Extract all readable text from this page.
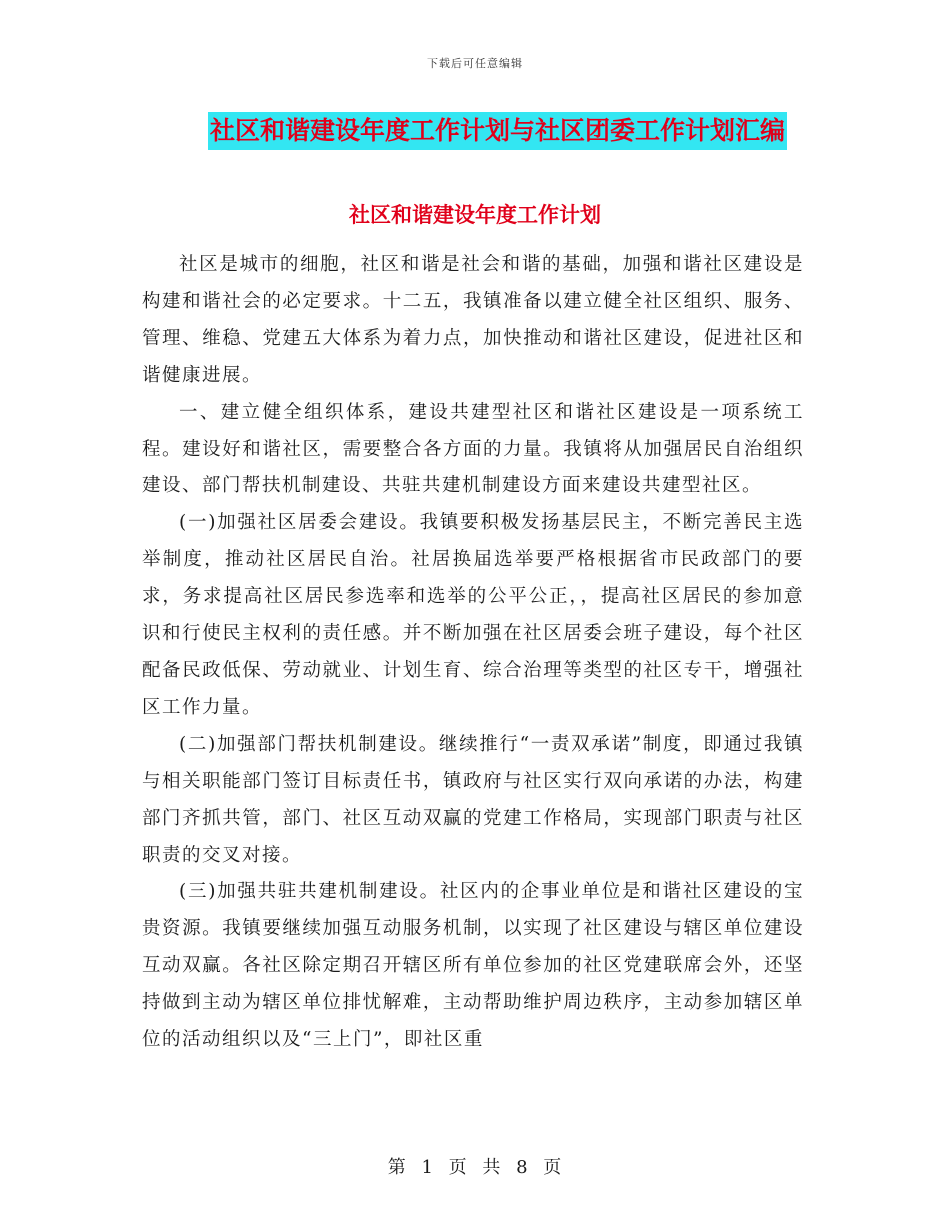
下载后可任意编辑
社区和谐建设年度工作计划与社区团委工作计划汇编
社区和谐建设年度工作计划

社区是城市的细胞，社区和谐是社会和谐的基础，加强和谐社区建设是构建和谐社会的必定要求。十二五，我镇准备以建立健全社区组织、服务、管理、维稳、党建五大体系为着力点，加快推动和谐社区建设，促进社区和谐健康进展。

一、建立健全组织体系，建设共建型社区和谐社区建设是一项系统工程。建设好和谐社区，需要整合各方面的力量。我镇将从加强居民自治组织建设、部门帮扶机制建设、共驻共建机制建设方面来建设共建型社区。

(一)加强社区居委会建设。我镇要积极发扬基层民主，不断完善民主选举制度，推动社区居民自治。社居换届选举要严格根据省市民政部门的要求，务求提高社区居民参选率和选举的公平公正，，提高社区居民的参加意识和行使民主权利的责任感。并不断加强在社区居委会班子建设，每个社区配备民政低保、劳动就业、计划生育、综合治理等类型的社区专干，增强社区工作力量。

(二)加强部门帮扶机制建设。继续推行“一责双承诺”制度，即通过我镇与相关职能部门签订目标责任书，镇政府与社区实行双向承诺的办法，构建部门齐抓共管，部门、社区互动双赢的党建工作格局，实现部门职责与社区职责的交叉对接。

(三)加强共驻共建机制建设。社区内的企事业单位是和谐社区建设的宝贵资源。我镇要继续加强互动服务机制，以实现了社区建设与辖区单位建设互动双赢。各社区除定期召开辖区所有单位参加的社区党建联席会外，还坚持做到主动为辖区单位排忧解难，主动帮助维护周边秩序，主动参加辖区单位的活动组织以及“三上门”，即社区重

第 1 页 共 8 页
